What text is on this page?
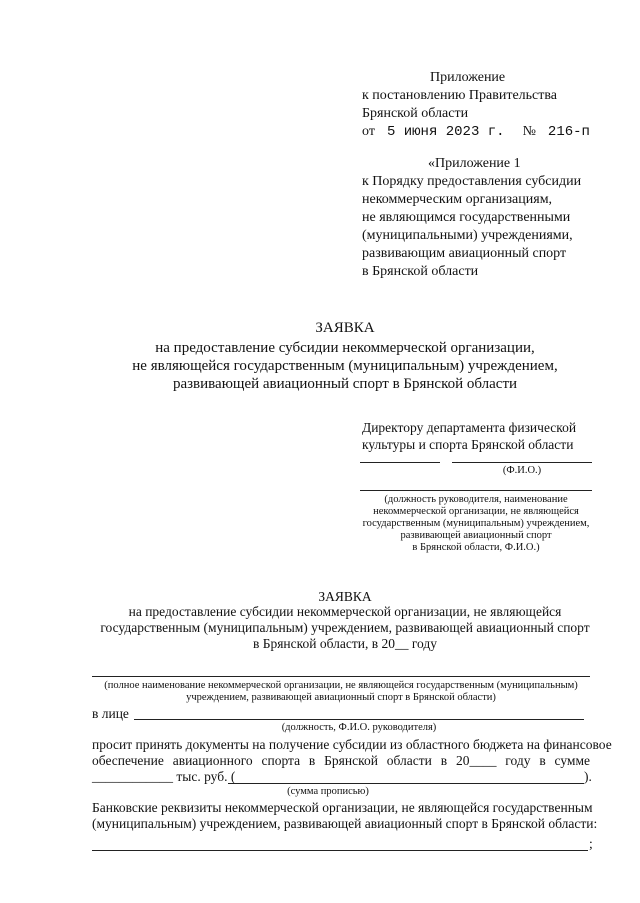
Приложение
к постановлению Правительства
Брянской области
от 5 июня 2023 г. № 216-п
«Приложение 1
к Порядку предоставления субсидии
некоммерческим организациям,
не являющимся государственными
(муниципальными) учреждениями,
развивающим авиационный спорт
в Брянской области
ЗАЯВКА
на предоставление субсидии некоммерческой организации,
не являющейся государственным (муниципальным) учреждением,
развивающей авиационный спорт в Брянской области
Директору департамента физической
культуры и спорта Брянской области
(Ф.И.О.)
(должность руководителя, наименование
некоммерческой организации, не являющейся
государственным (муниципальным) учреждением,
развивающей авиационный спорт
в Брянской области, Ф.И.О.)
ЗАЯВКА
на предоставление субсидии некоммерческой организации, не являющейся
государственным (муниципальным) учреждением, развивающей авиационный спорт
в Брянской области, в 20__ году
(полное наименование некоммерческой организации, не являющейся государственным (муниципальным)
учреждением, развивающей авиационный спорт в Брянской области)
в лице
(должность, Ф.И.О. руководителя)
просит принять документы на получение субсидии из областного бюджета на финансовое
обеспечение авиационного спорта в Брянской области в 20____ году в сумме
____________ тыс. руб. (	).
(сумма прописью)
Банковские реквизиты некоммерческой организации, не являющейся государственным
(муниципальным) учреждением, развивающей авиационный спорт в Брянской области:
;
